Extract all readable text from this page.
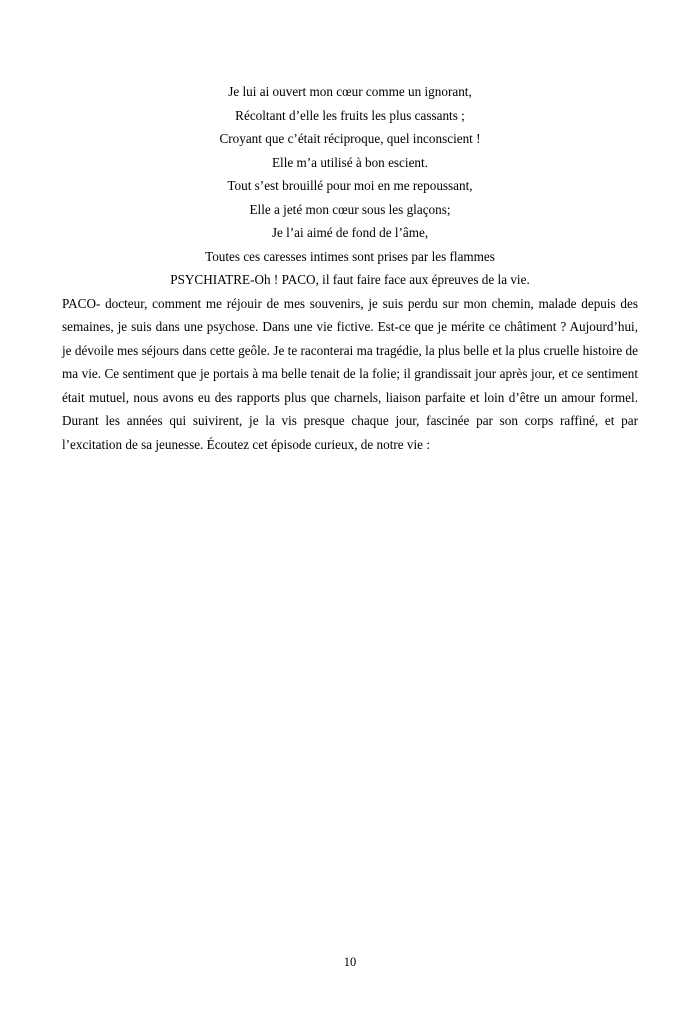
Je lui ai ouvert mon cœur comme un ignorant,
Récoltant d’elle les fruits les plus cassants ;
Croyant que c’était réciproque, quel inconscient !
Elle m’a utilisé à bon escient.
Tout s’est brouillé pour moi en me repoussant,
Elle a jeté mon cœur sous les glaçons;
Je l’ai aimé de fond de l’âme,
Toutes ces caresses intimes sont prises par les flammes
PSYCHIATRE-Oh ! PACO, il faut faire face aux épreuves de la vie.

PACO- docteur, comment me réjouir de mes souvenirs, je suis perdu sur mon chemin, malade depuis des semaines, je suis dans une psychose. Dans une vie fictive. Est-ce que je mérite ce châtiment ? Aujourd’hui, je dévoile mes séjours dans cette geôle. Je te raconterai ma tragédie, la plus belle et la plus cruelle histoire de ma vie. Ce sentiment que je portais à ma belle tenait de la folie; il grandissait jour après jour, et ce sentiment était mutuel, nous avons eu des rapports plus que charnels, liaison parfaite et loin d’être un amour formel. Durant les années qui suivirent, je la vis presque chaque jour, fascinée par son corps raffiné, et par l’excitation de sa jeunesse. Écoutez cet épisode curieux, de notre vie :

10
